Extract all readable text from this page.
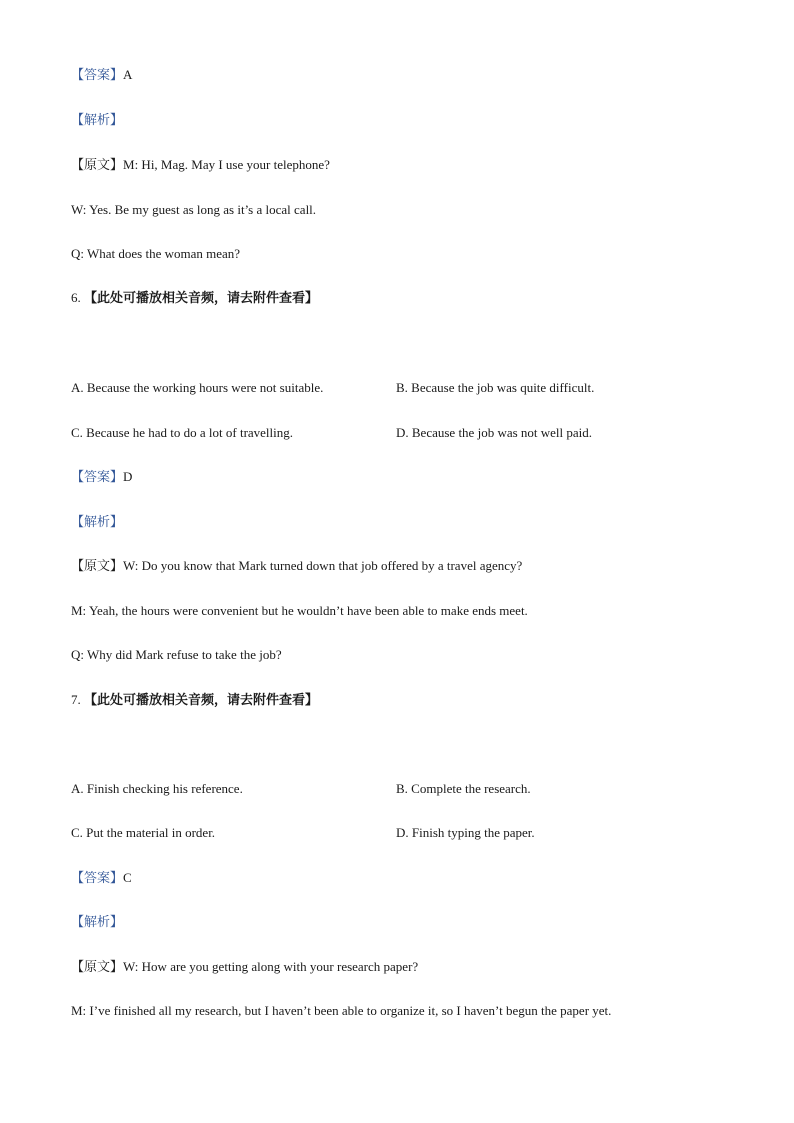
【答案】A
【解析】
【原文】M: Hi, Mag. May I use your telephone?
W: Yes. Be my guest as long as it’s a local call.
Q: What does the woman mean?
6. 【此处可播放相关音频，请去附件查看】
A. Because the working hours were not suitable.	B. Because the job was quite difficult.
C. Because he had to do a lot of travelling.	D. Because the job was not well paid.
【答案】D
【解析】
【原文】W: Do you know that Mark turned down that job offered by a travel agency?
M: Yeah, the hours were convenient but he wouldn’t have been able to make ends meet.
Q: Why did Mark refuse to take the job?
7. 【此处可播放相关音频，请去附件查看】
A. Finish checking his reference.	B. Complete the research.
C. Put the material in order.	D. Finish typing the paper.
【答案】C
【解析】
【原文】W: How are you getting along with your research paper?
M: I’ve finished all my research, but I haven’t been able to organize it, so I haven’t begun the paper yet.
